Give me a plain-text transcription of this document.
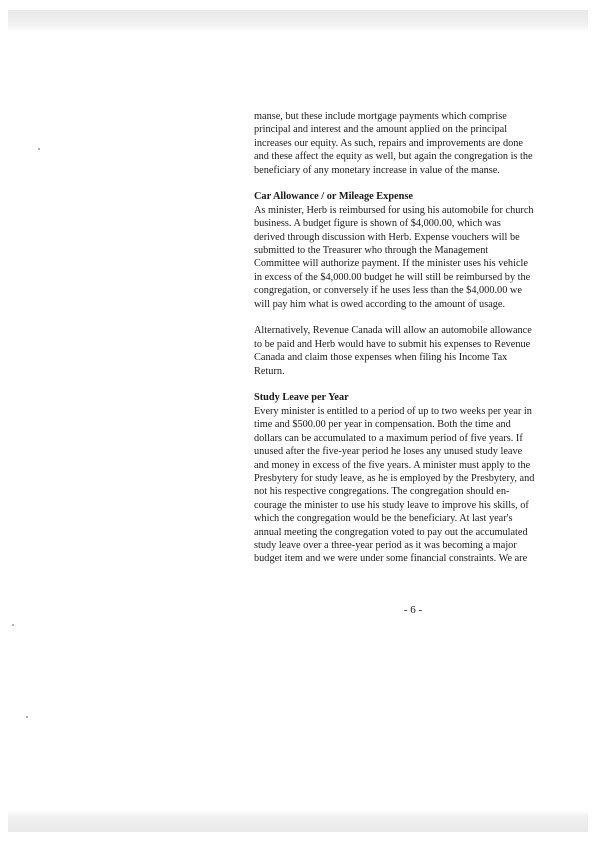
manse, but these include mortgage payments which comprise
principal and interest and the amount applied on the principal
increases our equity. As such, repairs and improvements are done
and these affect the equity as well, but again the congregation is the
beneficiary of any monetary increase in value of the manse.

Car Allowance / or Mileage Expense
As minister, Herb is reimbursed for using his automobile for church
business. A budget figure is shown of $4,000.00, which was
derived through discussion with Herb. Expense vouchers will be
submitted to the Treasurer who through the Management
Committee will authorize payment. If the minister uses his vehicle
in excess of the $4,000.00 budget he will still be reimbursed by the
congregation, or conversely if he uses less than the $4,000.00 we
will pay him what is owed according to the amount of usage.

Alternatively, Revenue Canada will allow an automobile allowance
to be paid and Herb would have to submit his expenses to Revenue
Canada and claim those expenses when filing his Income Tax
Return.

Study Leave per Year
Every minister is entitled to a period of up to two weeks per year in
time and $500.00 per year in compensation. Both the time and
dollars can be accumulated to a maximum period of five years. If
unused after the five-year period he loses any unused study leave
and money in excess of the five years. A minister must apply to the
Presbytery for study leave, as he is employed by the Presbytery, and
not his respective congregations. The congregation should en-
courage the minister to use his study leave to improve his skills, of
which the congregation would be the beneficiary. At last year's
annual meeting the congregation voted to pay out the accumulated
study leave over a three-year period as it was becoming a major
budget item and we were under some financial constraints. We are

- 6 -
